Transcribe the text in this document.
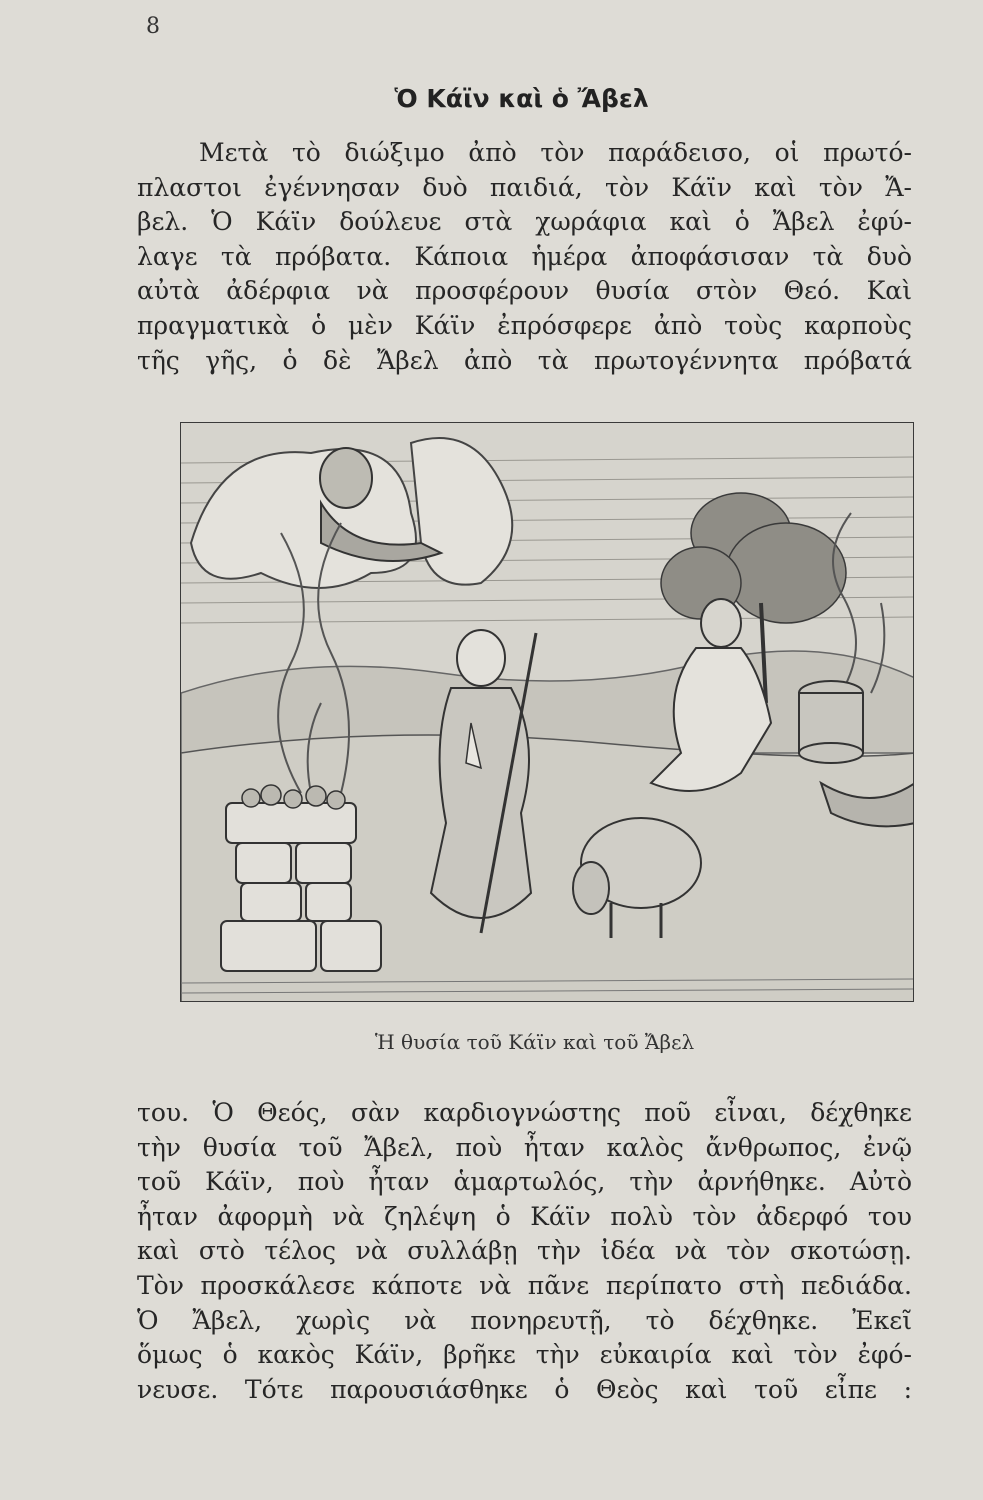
8
Ὁ Κάϊν καὶ ὁ Ἄβελ
Μετὰ τὸ διώξιμο ἀπὸ τὸν παράδεισο, οἱ πρωτό-
πλαστοι ἐγέννησαν δυὸ παιδιά, τὸν Κάϊν καὶ τὸν Ἄ-
βελ. Ὁ Κάϊν δούλευε στὰ χωράφια καὶ ὁ Ἄβελ ἐφύ-
λαγε τὰ πρόβατα. Κάποια ἡμέρα ἀποφάσισαν τὰ δυὸ
αὐτὰ ἀδέρφια νὰ προσφέρουν θυσία στὸν Θεό. Καὶ
πραγματικὰ ὁ μὲν Κάϊν ἐπρόσφερε ἀπὸ τοὺς καρποὺς
τῆς γῆς, ὁ δὲ Ἄβελ ἀπὸ τὰ πρωτογέννητα πρόβατά
Ἡ θυσία τοῦ Κάϊν καὶ τοῦ Ἄβελ
του. Ὁ Θεός, σὰν καρδιογνώστης ποῦ εἶναι, δέχθηκε
τὴν θυσία τοῦ Ἄβελ, ποὺ ἦταν καλὸς ἄνθρωπος, ἐνῷ
τοῦ Κάϊν, ποὺ ἦταν ἁμαρτωλός, τὴν ἀρνήθηκε. Αὐτὸ
ἦταν ἀφορμὴ νὰ ζηλέψη ὁ Κάϊν πολὺ τὸν ἀδερφό του
καὶ στὸ τέλος νὰ συλλάβῃ τὴν ἰδέα νὰ τὸν σκοτώσῃ.
Τὸν προσκάλεσε κάποτε νὰ πᾶνε περίπατο στὴ πεδιάδα.
Ὁ Ἄβελ, χωρὶς νὰ πονηρευτῇ, τὸ δέχθηκε. Ἐκεῖ
ὅμως ὁ κακὸς Κάϊν, βρῆκε τὴν εὐκαιρία καὶ τὸν ἐφό-
νευσε. Τότε παρουσιάσθηκε ὁ Θεὸς καὶ τοῦ εἶπε :
